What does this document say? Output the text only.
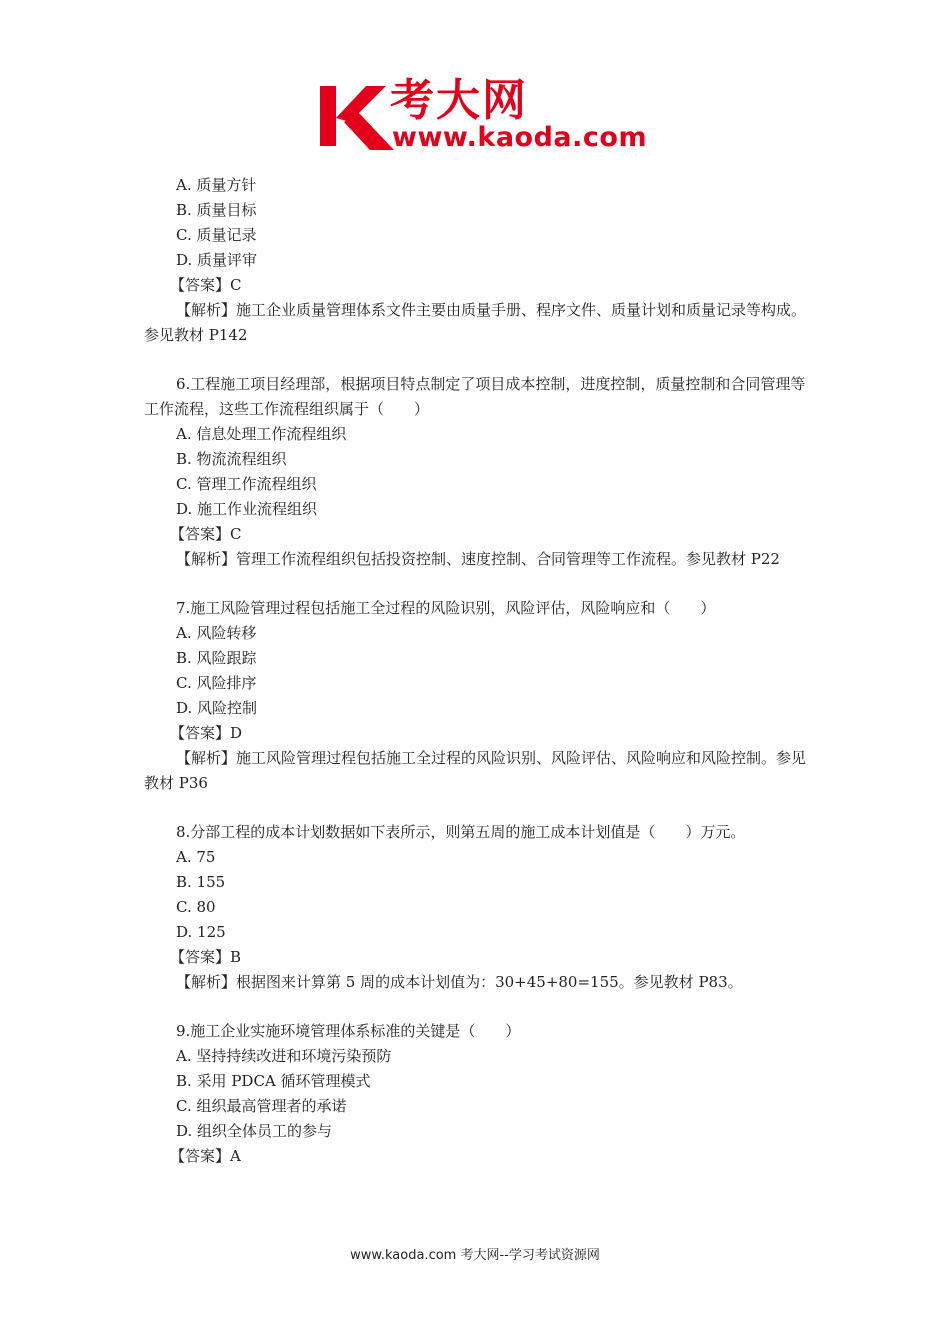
考大网
www.kaoda.com
A. 质量方针
B. 质量目标
C. 质量记录
D. 质量评审
【答案】C
【解析】施工企业质量管理体系文件主要由质量手册、程序文件、质量计划和质量记录等构成。参见教材 P142
6.工程施工项目经理部，根据项目特点制定了项目成本控制，进度控制，质量控制和合同管理等工作流程，这些工作流程组织属于（　　）
A. 信息处理工作流程组织
B. 物流流程组织
C. 管理工作流程组织
D. 施工作业流程组织
【答案】C
【解析】管理工作流程组织包括投资控制、速度控制、合同管理等工作流程。参见教材 P22
7.施工风险管理过程包括施工全过程的风险识别，风险评估，风险响应和（　　）
A. 风险转移
B. 风险跟踪
C. 风险排序
D. 风险控制
【答案】D
【解析】施工风险管理过程包括施工全过程的风险识别、风险评估、风险响应和风险控制。参见教材 P36
8.分部工程的成本计划数据如下表所示，则第五周的施工成本计划值是（　　）万元。
A. 75
B. 155
C. 80
D. 125
【答案】B
【解析】根据图来计算第 5 周的成本计划值为：30+45+80=155。参见教材 P83。
9.施工企业实施环境管理体系标准的关键是（　　）
A. 坚持持续改进和环境污染预防
B. 采用 PDCA 循环管理模式
C. 组织最高管理者的承诺
D. 组织全体员工的参与
【答案】A
www.kaoda.com 考大网--学习考试资源网
